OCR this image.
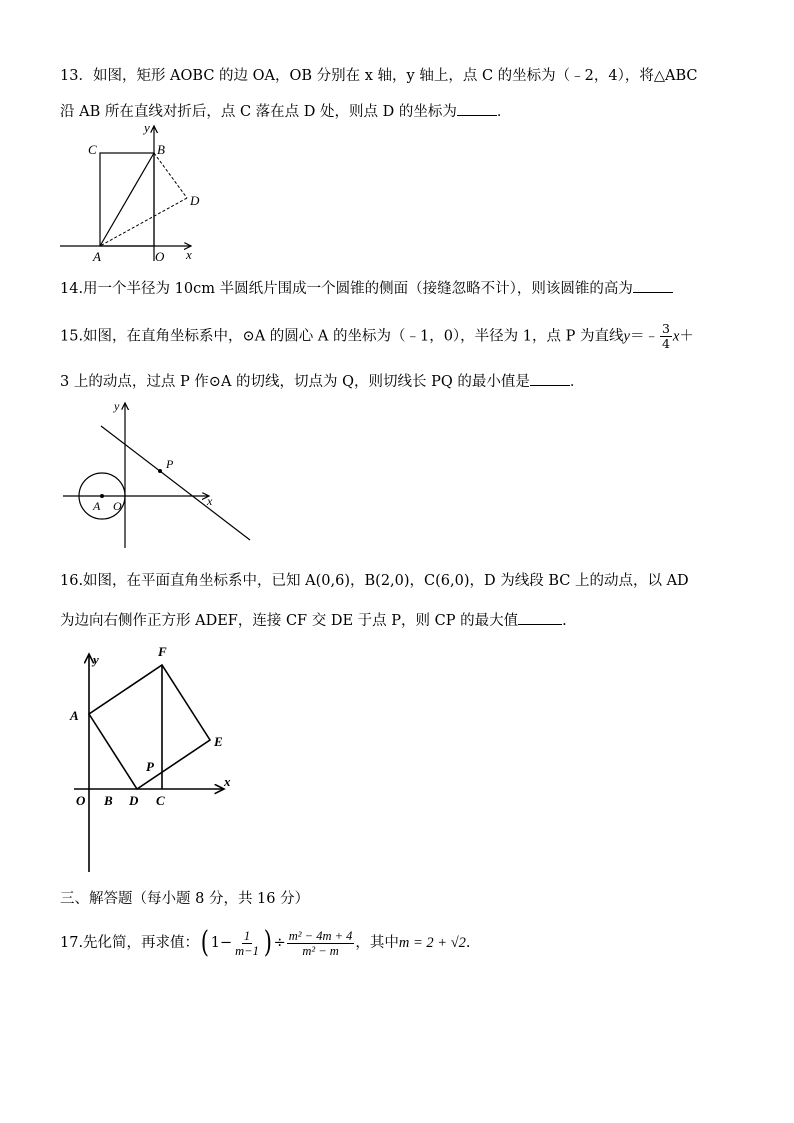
13．如图，矩形 AOBC 的边 OA，OB 分别在 x 轴，y 轴上，点 C 的坐标为（﹣2，4），将△ABC
沿 AB 所在直线对折后，点 C 落在点 D 处，则点 D 的坐标为	．
C	B
D
A	O x
y
14.用一个半径为 10cm 半圆纸片围成一个圆锥的侧面（接缝忽略不计），则该圆锥的高为
15.如图，在直角坐标系中，⊙A 的圆心 A 的坐标为（﹣1，0），半径为 1，点 P 为直线y＝﹣ $\frac{3}{4} x+$
3 上的动点，过点 P 作⊙A 的切线，切点为 Q，则切线长 PQ 的最小值是	．
P
A O	x
y
16.如图，在平面直角坐标系中，已知 A(0,6)，B(2,0)，C(6,0)，D 为线段 BC 上的动点，以 AD
为边向右侧作正方形 ADEF，连接 CF 交 DE 于点 P，则 CP 的最大值	.
F
A
E
P
x
y
O B D C
三、解答题（每小题 8 分，共 16 分）
17.先化简，再求值： ( $1- \frac{1}{m-1}$ ) ÷ $\frac{\text{m² − 4m + 4}}{\text{m² − m}}$ ，其中 m = 2 + √2 .
